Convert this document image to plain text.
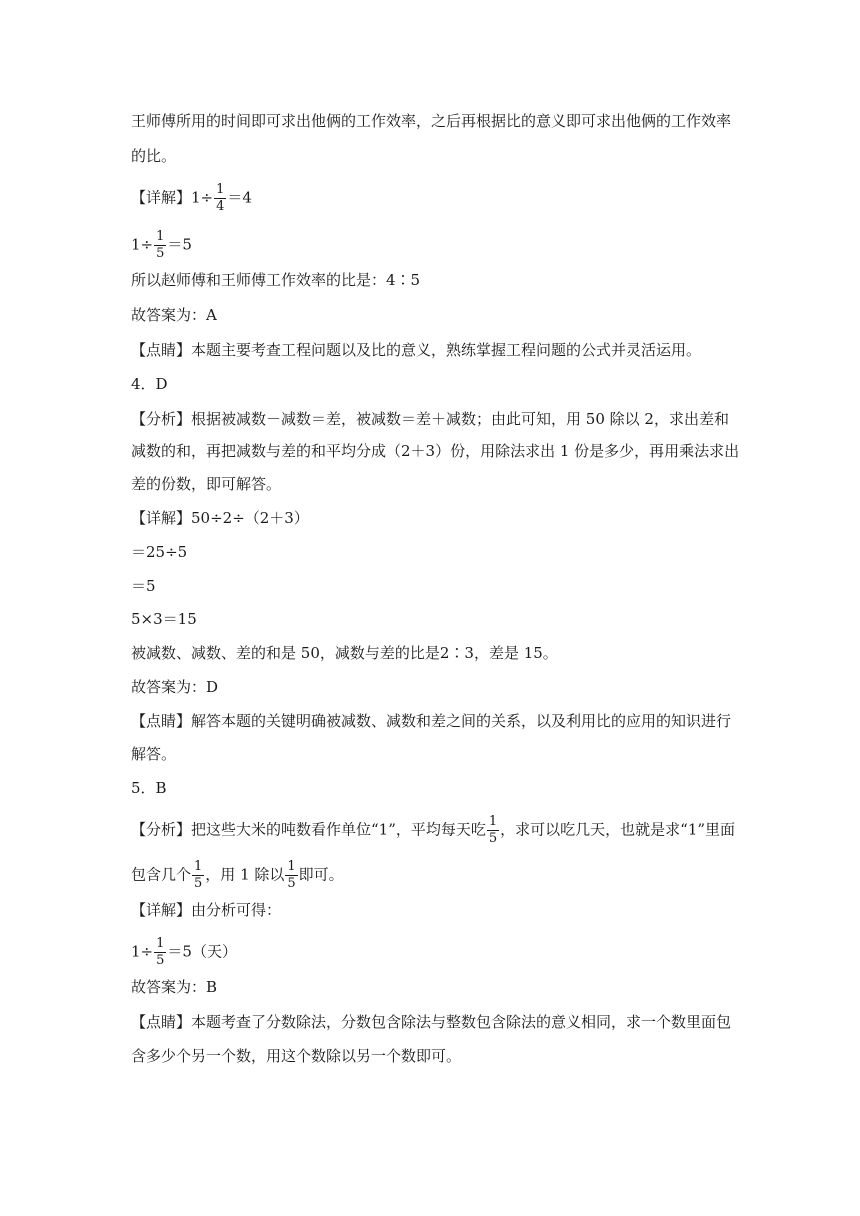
王师傅所用的时间即可求出他俩的工作效率，之后再根据比的意义即可求出他俩的工作效率
的比。
【详解】$1\div \frac{1}{4} =4$
$1\div \frac{1}{5} =5$
所以赵师傅和王师傅工作效率的比是：4∶5
故答案为：A
【点睛】本题主要考查工程问题以及比的意义，熟练掌握工程问题的公式并灵活运用。
4．D
【分析】根据被减数－减数＝差，被减数＝差＋减数；由此可知，用 50 除以 2，求出差和
减数的和，再把减数与差的和平均分成（2＋3）份，用除法求出 1 份是多少，再用乘法求出
差的份数，即可解答。
【详解】50÷2÷（2＋3）
＝25÷5
＝5
5×3＝15
被减数、减数、差的和是 50，减数与差的比是2∶3，差是 15。
故答案为：D
【点睛】解答本题的关键明确被减数、减数和差之间的关系，以及利用比的应用的知识进行
解答。
5．B
【分析】把这些大米的吨数看作单位“1”，平均每天吃 $\frac{1}{5}$ ，求可以吃几天，也就是求“1”里面
包含几个 $\frac{1}{5}$ ，用 1 除以 $\frac{1}{5}$ 即可。
【详解】由分析可得：
$1\div \frac{1}{5} =5$（天）
故答案为：B
【点睛】本题考查了分数除法，分数包含除法与整数包含除法的意义相同，求一个数里面包
含多少个另一个数，用这个数除以另一个数即可。
